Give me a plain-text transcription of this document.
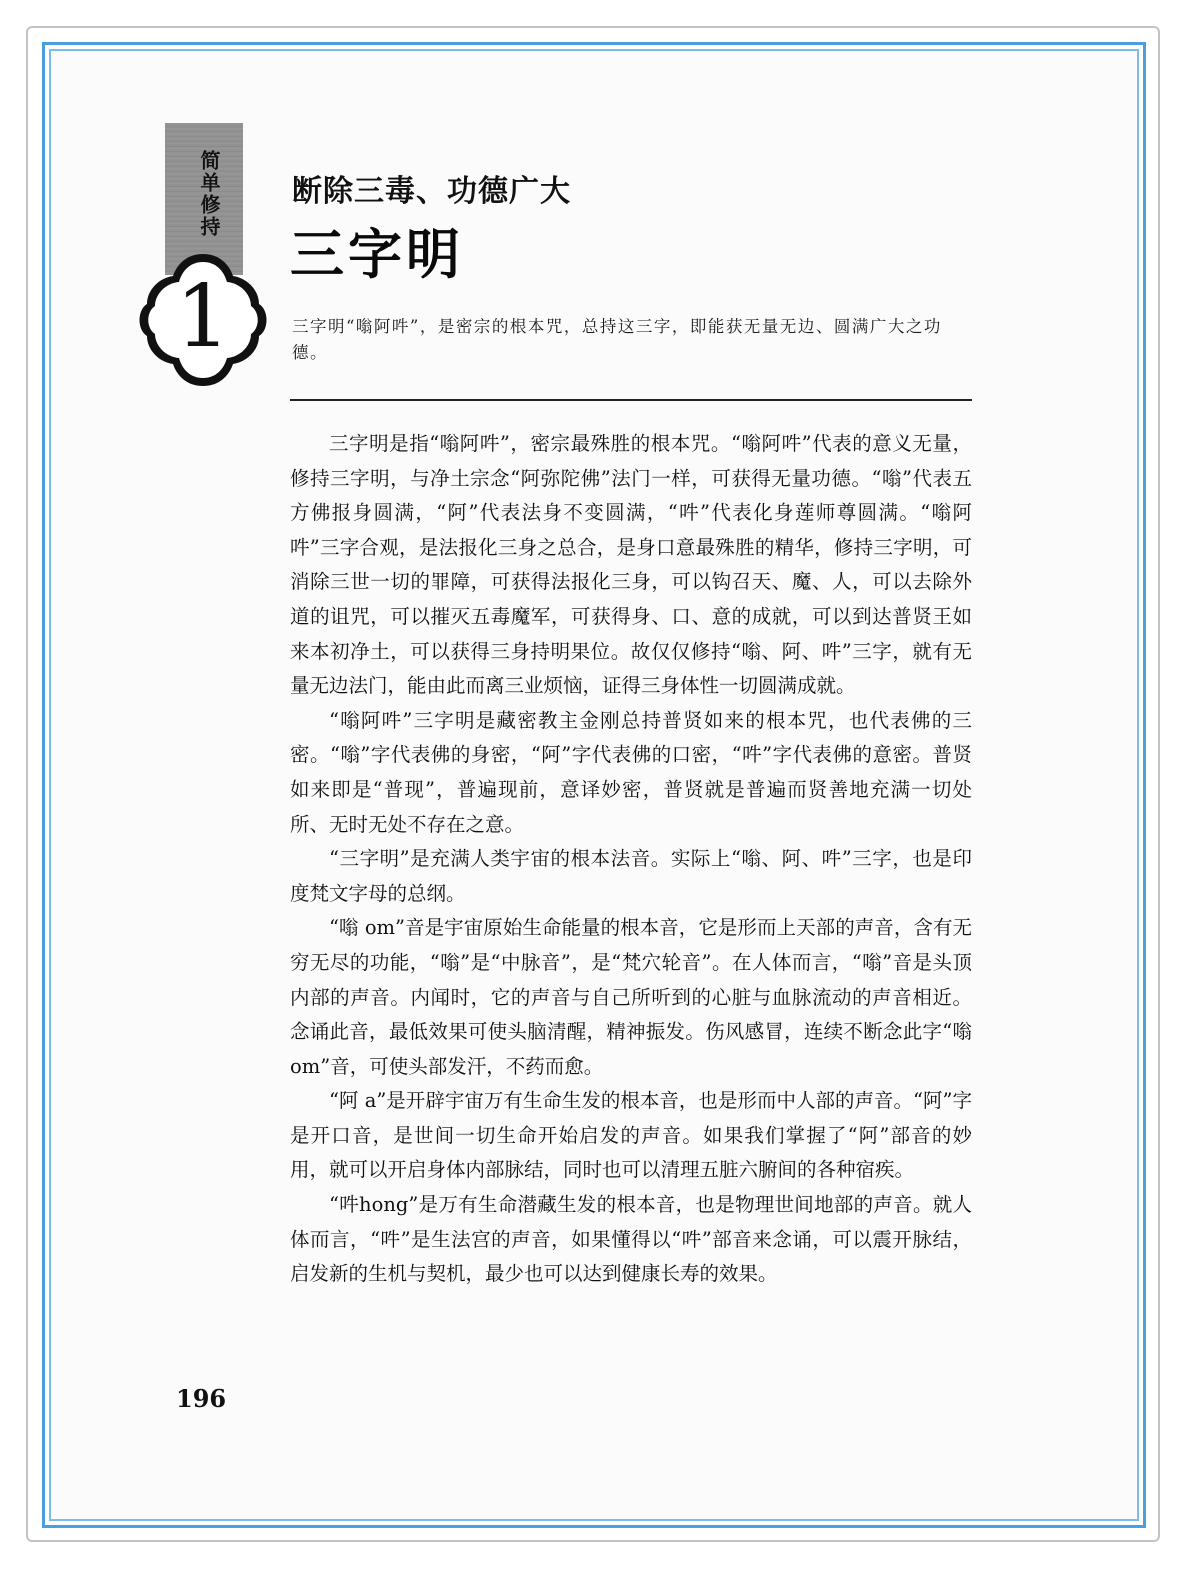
简单修持
1
断除三毒、功德广大
三字明
三字明“嗡阿吽”，是密宗的根本咒，总持这三字，即能获无量无边、圆满广大之功德。

三字明是指“嗡阿吽”，密宗最殊胜的根本咒。“嗡阿吽”代表的意义无量，修持三字明，与净土宗念“阿弥陀佛”法门一样，可获得无量功德。“嗡”代表五方佛报身圆满，“阿”代表法身不变圆满，“吽”代表化身莲师尊圆满。“嗡阿吽”三字合观，是法报化三身之总合，是身口意最殊胜的精华，修持三字明，可消除三世一切的罪障，可获得法报化三身，可以钩召天、魔、人，可以去除外道的诅咒，可以摧灭五毒魔军，可获得身、口、意的成就，可以到达普贤王如来本初净土，可以获得三身持明果位。故仅仅修持“嗡、阿、吽”三字，就有无量无边法门，能由此而离三业烦恼，证得三身体性一切圆满成就。

“嗡阿吽”三字明是藏密教主金刚总持普贤如来的根本咒，也代表佛的三密。“嗡”字代表佛的身密，“阿”字代表佛的口密，“吽”字代表佛的意密。普贤如来即是“普现”，普遍现前，意译妙密，普贤就是普遍而贤善地充满一切处所、无时无处不存在之意。

“三字明”是充满人类宇宙的根本法音。实际上“嗡、阿、吽”三字，也是印度梵文字母的总纲。

“嗡 om”音是宇宙原始生命能量的根本音，它是形而上天部的声音，含有无穷无尽的功能，“嗡”是“中脉音”，是“梵穴轮音”。在人体而言，“嗡”音是头顶内部的声音。内闻时，它的声音与自己所听到的心脏与血脉流动的声音相近。念诵此音，最低效果可使头脑清醒，精神振发。伤风感冒，连续不断念此字“嗡 om”音，可使头部发汗，不药而愈。

“阿 a”是开辟宇宙万有生命生发的根本音，也是形而中人部的声音。“阿”字是开口音，是世间一切生命开始启发的声音。如果我们掌握了“阿”部音的妙用，就可以开启身体内部脉结，同时也可以清理五脏六腑间的各种宿疾。

“吽hong”是万有生命潜藏生发的根本音，也是物理世间地部的声音。就人体而言，“吽”是生法宫的声音，如果懂得以“吽”部音来念诵，可以震开脉结，启发新的生机与契机，最少也可以达到健康长寿的效果。

196
